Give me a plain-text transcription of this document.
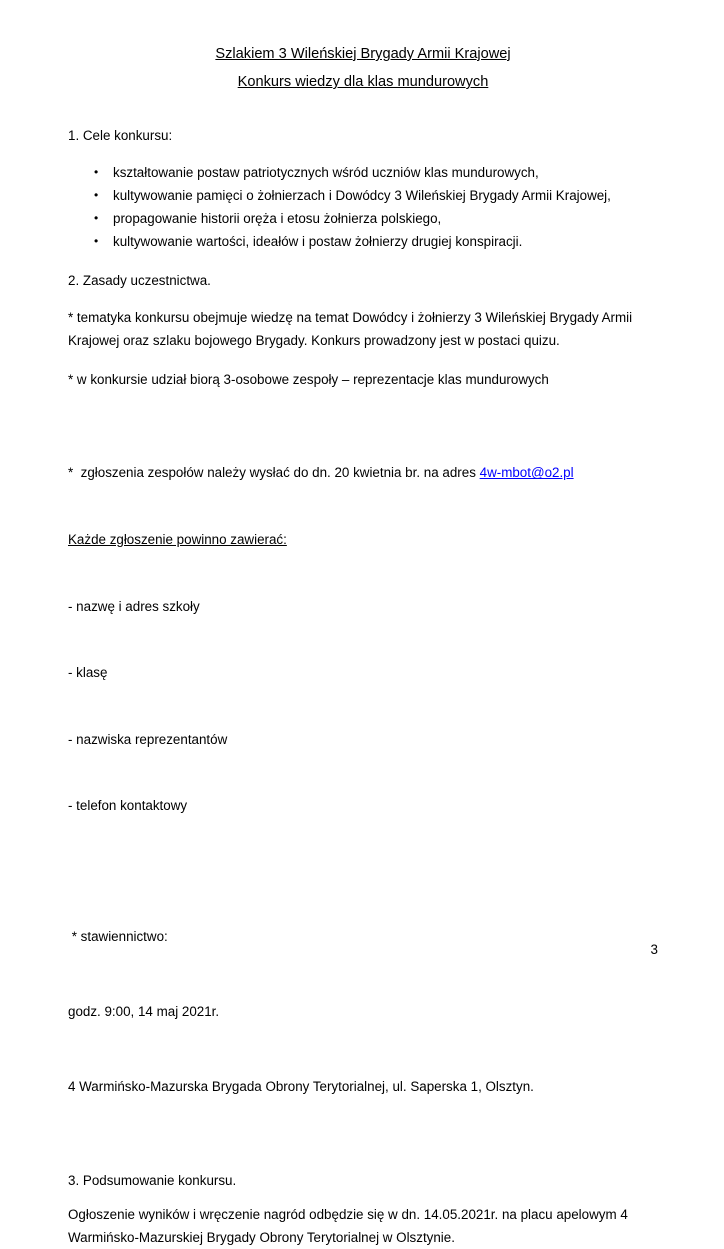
Szlakiem 3 Wileńskiej Brygady Armii Krajowej
Konkurs wiedzy dla klas mundurowych
1. Cele konkursu:
• kształtowanie postaw patriotycznych wśród uczniów klas mundurowych,
• kultywowanie pamięci o żołnierzach i Dowódcy 3 Wileńskiej Brygady Armii Krajowej,
• propagowanie historii oręża i etosu żołnierza polskiego,
• kultywowanie wartości, ideałów i postaw żołnierzy drugiej konspiracji.
2. Zasady uczestnictwa.

* tematyka konkursu obejmuje wiedzę na temat Dowódcy i żołnierzy 3 Wileńskiej Brygady Armii Krajowej oraz szlaku bojowego Brygady. Konkurs prowadzony jest w postaci quizu.

* w konkursie udział biorą 3-osobowe zespoły – reprezentacje klas mundurowych

*  zgłoszenia zespołów należy wysłać do dn. 20 kwietnia br. na adres 4w-mbot@o2.pl

Każde zgłoszenie powinno zawierać:

- nazwę i adres szkoły

- klasę

- nazwiska reprezentantów

- telefon kontaktowy

* stawiennictwo:

godz. 9:00, 14 maj 2021r.

4 Warmińsko-Mazurska Brygada Obrony Terytorialnej, ul. Saperska 1, Olsztyn.

3. Podsumowanie konkursu.

Ogłoszenie wyników i wręczenie nagród odbędzie się w dn. 14.05.2021r. na placu apelowym 4 Warmińsko-Mazurskiej Brygady Obrony Terytorialnej w Olsztynie.

3
